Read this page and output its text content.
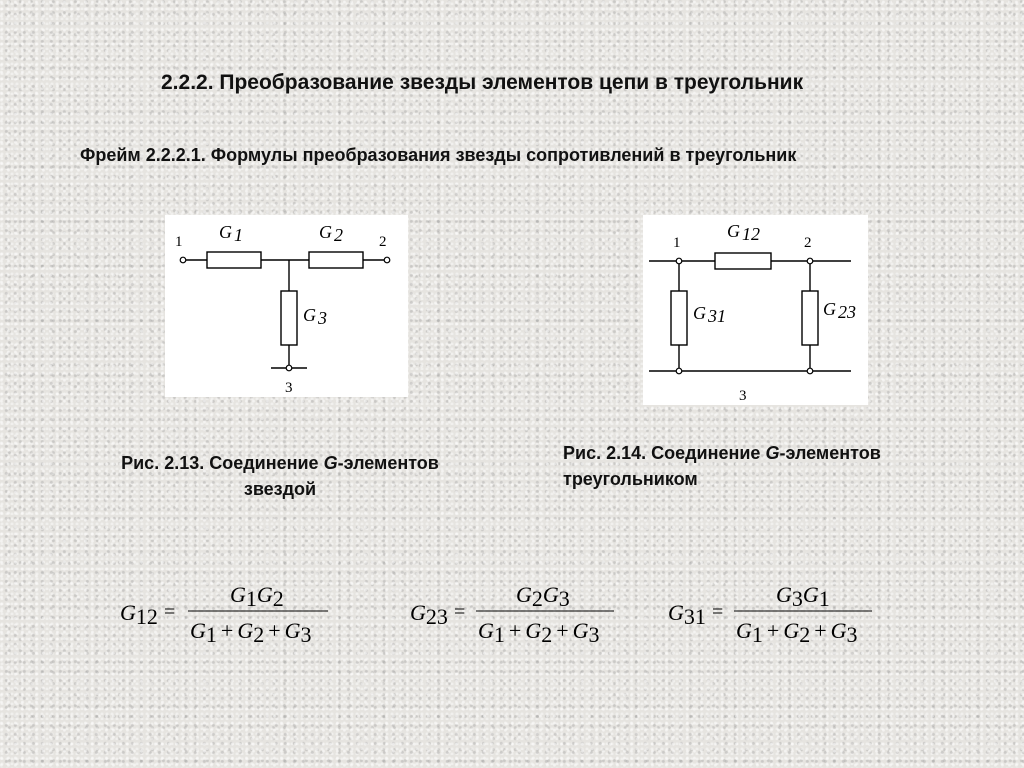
2.2.2. Преобразование звезды элементов цепи в треугольник
Фрейм 2.2.2.1. Формулы преобразования звезды сопротивлений в треугольник
1	2
3
G 1	G 2
G 3
1	2
3
G 12
G 31	G 23
Рис. 2.13. Соединение G-элементов
звездой
Рис. 2.14. Соединение G-элементов
треугольником
G12 =
G1G2
G1 + G2 + G3
G23 =
G2G3
G1 + G2 + G3
G31 =
G3G1
G1 + G2 + G3
